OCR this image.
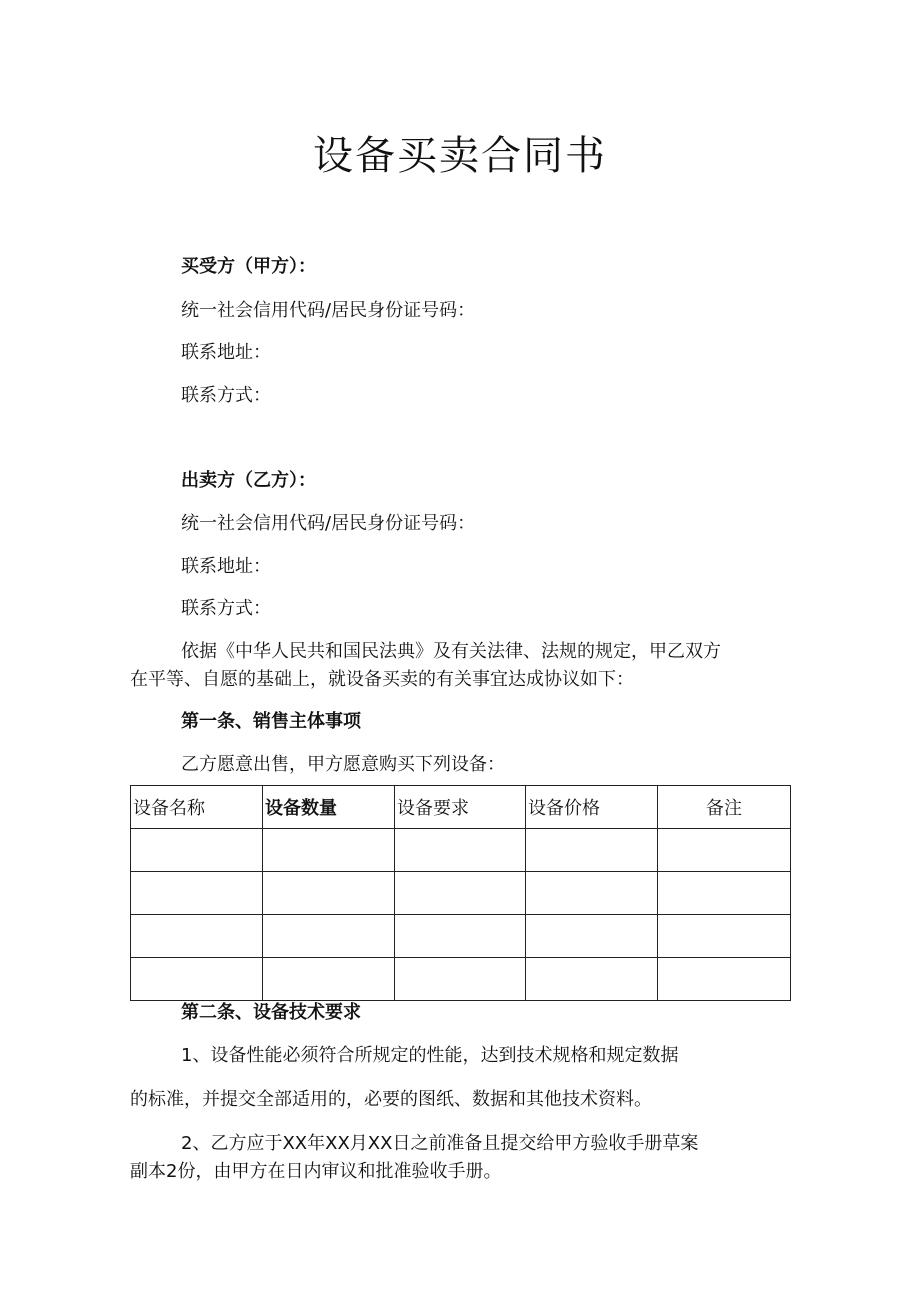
设备买卖合同书
买受方（甲方）：
统一社会信用代码/居民身份证号码：
联系地址：
联系方式：
出卖方（乙方）：
统一社会信用代码/居民身份证号码：
联系地址：
联系方式：
依据《中华人民共和国民法典》及有关法律、法规的规定，甲乙双方
在平等、自愿的基础上，就设备买卖的有关事宜达成协议如下：
第一条、销售主体事项
乙方愿意出售，甲方愿意购买下列设备：
设备名称	设备数量	设备要求	设备价格	备注

第二条、设备技术要求
1、设备性能必须符合所规定的性能，达到技术规格和规定数据
的标准，并提交全部适用的，必要的图纸、数据和其他技术资料。
2、乙方应于XX年XX月XX日之前准备且提交给甲方验收手册草案
副本2份，由甲方在日内审议和批准验收手册。
